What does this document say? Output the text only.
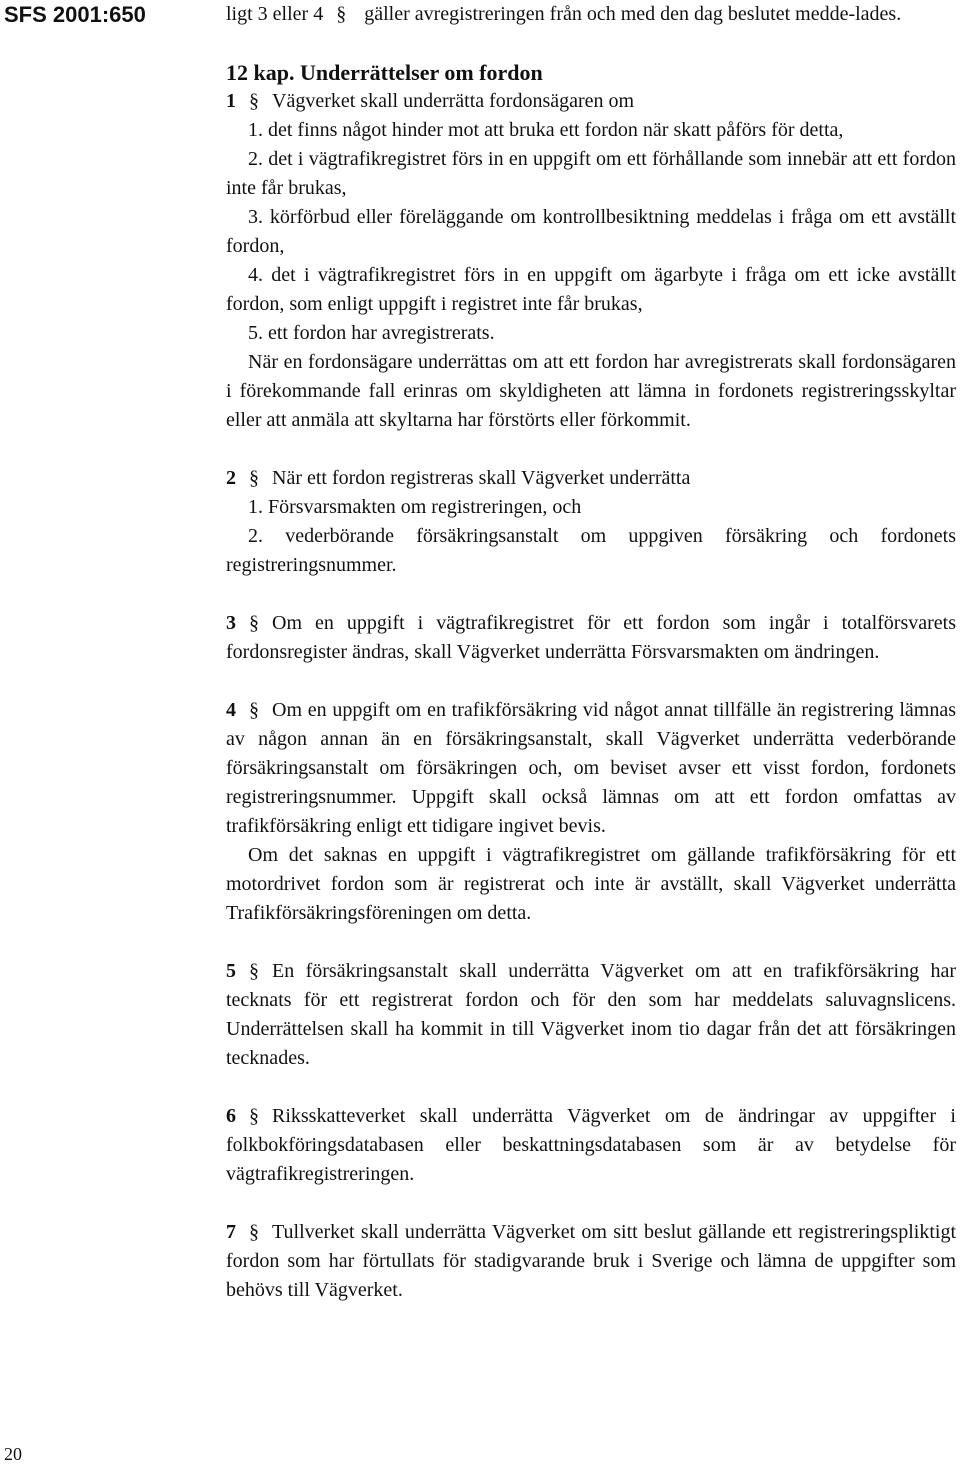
SFS 2001:650
20

ligt 3 eller 4 § gäller avregistreringen från och med den dag beslutet medde-lades.

12 kap. Underrättelser om fordon

1 § Vägverket skall underrätta fordonsägaren om

1. det finns något hinder mot att bruka ett fordon när skatt påförs för detta,

2. det i vägtrafikregistret förs in en uppgift om ett förhållande som innebär att ett fordon inte får brukas,

3. körförbud eller föreläggande om kontrollbesiktning meddelas i fråga om ett avställt fordon,

4. det i vägtrafikregistret förs in en uppgift om ägarbyte i fråga om ett icke avställt fordon, som enligt uppgift i registret inte får brukas,

5. ett fordon har avregistrerats.

När en fordonsägare underrättas om att ett fordon har avregistrerats skall fordonsägaren i förekommande fall erinras om skyldigheten att lämna in fordonets registreringsskyltar eller att anmäla att skyltarna har förstörts eller förkommit.

2 § När ett fordon registreras skall Vägverket underrätta

1. Försvarsmakten om registreringen, och

2. vederbörande försäkringsanstalt om uppgiven försäkring och fordonets registreringsnummer.

3 § Om en uppgift i vägtrafikregistret för ett fordon som ingår i totalförsvarets fordonsregister ändras, skall Vägverket underrätta Försvarsmakten om ändringen.

4 § Om en uppgift om en trafikförsäkring vid något annat tillfälle än registrering lämnas av någon annan än en försäkringsanstalt, skall Vägverket underrätta vederbörande försäkringsanstalt om försäkringen och, om beviset avser ett visst fordon, fordonets registreringsnummer. Uppgift skall också lämnas om att ett fordon omfattas av trafikförsäkring enligt ett tidigare ingivet bevis.

Om det saknas en uppgift i vägtrafikregistret om gällande trafikförsäkring för ett motordrivet fordon som är registrerat och inte är avställt, skall Vägverket underrätta Trafikförsäkringsföreningen om detta.

5 § En försäkringsanstalt skall underrätta Vägverket om att en trafikförsäkring har tecknats för ett registrerat fordon och för den som har meddelats saluvagnslicens. Underrättelsen skall ha kommit in till Vägverket inom tio dagar från det att försäkringen tecknades.

6 § Riksskatteverket skall underrätta Vägverket om de ändringar av uppgifter i folkbokföringsdatabasen eller beskattningsdatabasen som är av betydelse för vägtrafikregistreringen.

7 § Tullverket skall underrätta Vägverket om sitt beslut gällande ett registreringspliktigt fordon som har förtullats för stadigvarande bruk i Sverige och lämna de uppgifter som behövs till Vägverket.
